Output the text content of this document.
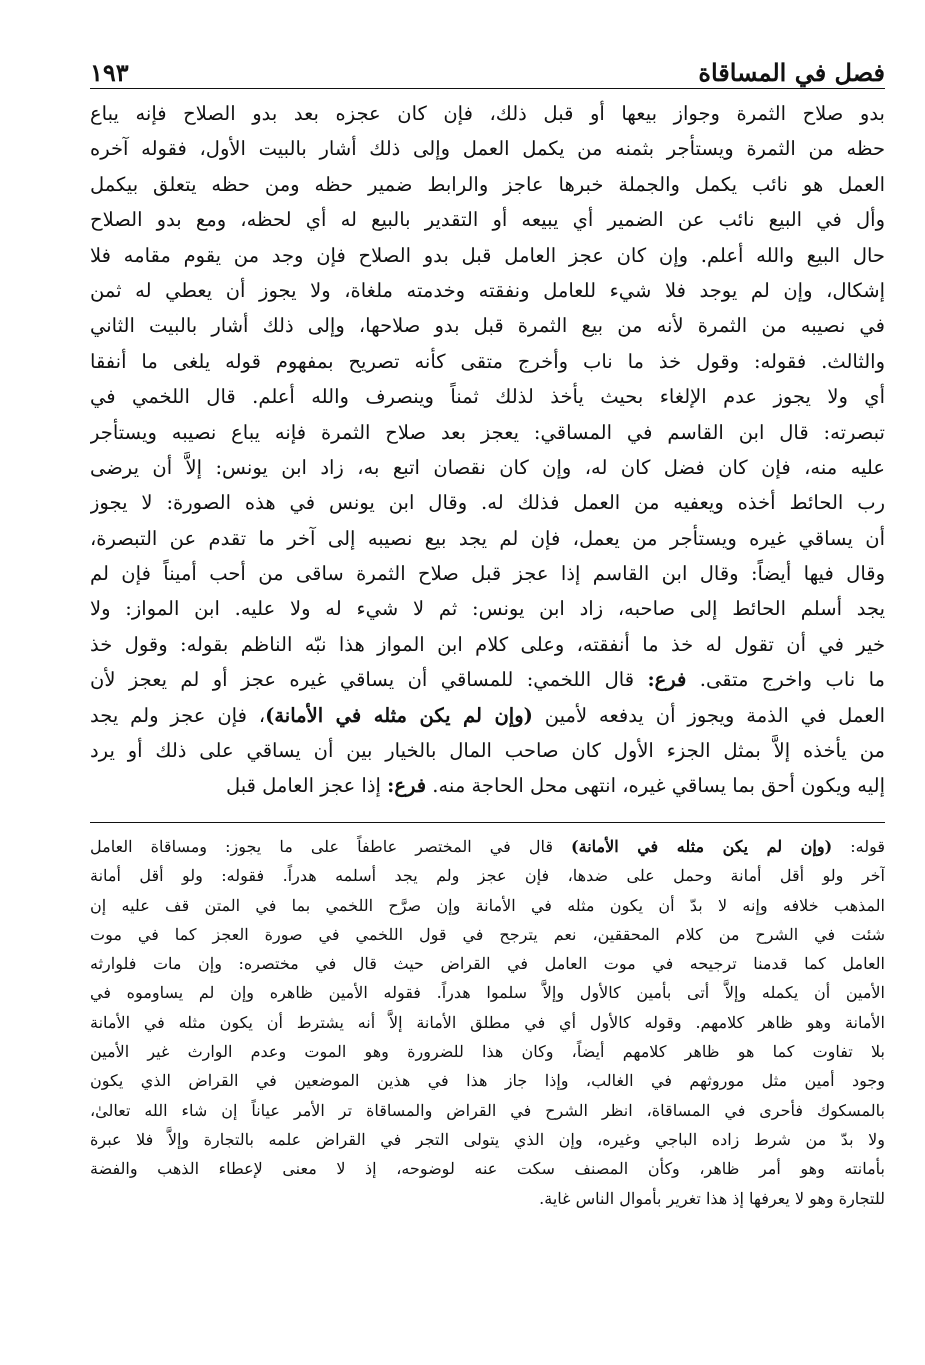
فصل في المساقاة
١٩٣
بدو صلاح الثمرة وجواز بيعها أو قبل ذلك، فإن كان عجزه بعد بدو الصلاح فإنه يباع
حظه من الثمرة ويستأجر بثمنه من يكمل العمل وإلى ذلك أشار بالبيت الأول، فقوله آخره
العمل هو نائب يكمل والجملة خبرها عاجز والرابط ضمير حظه ومن حظه يتعلق بيكمل
وأل في البيع نائب عن الضمير أي يبيعه أو التقدير بالبيع له أي لحظه، ومع بدو الصلاح
حال البيع والله أعلم. وإن كان عجز العامل قبل بدو الصلاح فإن وجد من يقوم مقامه فلا
إشكال، وإن لم يوجد فلا شيء للعامل ونفقته وخدمته ملغاة، ولا يجوز أن يعطي له ثمن
في نصيبه من الثمرة لأنه من بيع الثمرة قبل بدو صلاحها، وإلى ذلك أشار بالبيت الثاني
والثالث. فقوله: وقول خذ ما ناب وأخرج متقى كأنه تصريح بمفهوم قوله يلغى ما أنفقا
أي ولا يجوز عدم الإلغاء بحيث يأخذ لذلك ثمناً وينصرف والله أعلم. قال اللخمي في
تبصرته: قال ابن القاسم في المساقي: يعجز بعد صلاح الثمرة فإنه يباع نصيبه ويستأجر
عليه منه، فإن كان فضل كان له، وإن كان نقصان اتبع به، زاد ابن يونس: إلاَّ أن يرضى
رب الحائط أخذه ويعفيه من العمل فذلك له. وقال ابن يونس في هذه الصورة: لا يجوز
أن يساقي غيره ويستأجر من يعمل، فإن لم يجد بيع نصيبه إلى آخر ما تقدم عن التبصرة،
وقال فيها أيضاً: وقال ابن القاسم إذا عجز قبل صلاح الثمرة ساقى من أحب أميناً فإن لم
يجد أسلم الحائط إلى صاحبه، زاد ابن يونس: ثم لا شيء له ولا عليه. ابن المواز: ولا
خير في أن تقول له خذ ما أنفقته، وعلى كلام ابن المواز هذا نبّه الناظم بقوله: وقول خذ
ما ناب واخرج متقى. فرع: قال اللخمي: للمساقي أن يساقي غيره عجز أو لم يعجز لأن
العمل في الذمة ويجوز أن يدفعه لأمين (وإن لم يكن مثله في الأمانة)، فإن عجز ولم يجد
من يأخذه إلاَّ بمثل الجزء الأول كان صاحب المال بالخيار بين أن يساقي على ذلك أو يرد
إليه ويكون أحق بما يساقي غيره، انتهى محل الحاجة منه. فرع: إذا عجز العامل قبل
قوله: (وإن لم يكن مثله في الأمانة) قال في المختصر عاطفاً على ما يجوز: ومساقاة العامل
آخر ولو أقل أمانة وحمل على ضدها، فإن عجز ولم يجد أسلمه هدراً. فقوله: ولو أقل أمانة
المذهب خلافه وإنه لا بدّ أن يكون مثله في الأمانة وإن صرَّح اللخمي بما في المتن قف عليه إن
شئت في الشرح من كلام المحققين، نعم يترجح في قول اللخمي في صورة العجز كما في موت
العامل كما قدمنا ترجيحه في موت العامل في القراض حيث قال في مختصره: وإن مات فلوارثه
الأمين أن يكمله وإلاَّ أتى بأمين كالأول وإلاَّ سلموا هدراً. فقوله الأمين ظاهره وإن لم يساوموه في
الأمانة وهو ظاهر كلامهم. وقوله كالأول أي في مطلق الأمانة إلاَّ أنه يشترط أن يكون مثله في الأمانة
بلا تفاوت كما هو ظاهر كلامهم أيضاً، وكان هذا للضرورة وهو الموت وعدم الوارث غير الأمين
وجود أمين مثل موروثهم في الغالب، وإذا جاز هذا في هذين الموضعين في القراض الذي يكون
بالمسكوك فأحرى في المساقاة، انظر الشرح في القراض والمساقاة تر الأمر عياناً إن شاء الله تعالىٰ،
ولا بدّ من شرط زاده الباجي وغيره، وإن الذي يتولى التجر في القراض علمه بالتجارة وإلاَّ فلا عبرة
بأمانته وهو أمر ظاهر، وكأن المصنف سكت عنه لوضوحه، إذ لا معنى لإعطاء الذهب والفضة
للتجارة وهو لا يعرفها إذ هذا تغرير بأموال الناس غاية.
